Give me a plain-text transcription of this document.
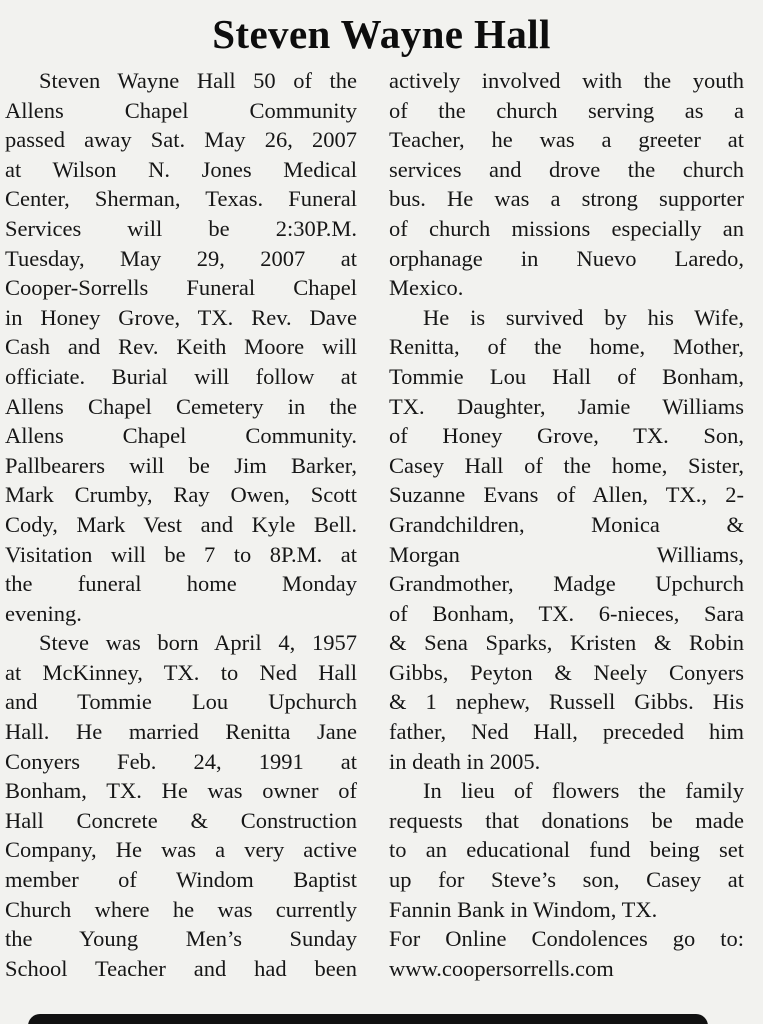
Steven Wayne Hall
Steven Wayne Hall 50 of the
Allens Chapel Community
passed away Sat. May 26, 2007
at Wilson N. Jones Medical
Center, Sherman, Texas. Funeral
Services will be 2:30P.M.
Tuesday, May 29, 2007 at
Cooper-Sorrells Funeral Chapel
in Honey Grove, TX. Rev. Dave
Cash and Rev. Keith Moore will
officiate. Burial will follow at
Allens Chapel Cemetery in the
Allens Chapel Community.
Pallbearers will be Jim Barker,
Mark Crumby, Ray Owen, Scott
Cody, Mark Vest and Kyle Bell.
Visitation will be 7 to 8P.M. at
the funeral home Monday
evening.
Steve was born April 4, 1957
at McKinney, TX. to Ned Hall
and Tommie Lou Upchurch
Hall. He married Renitta Jane
Conyers Feb. 24, 1991 at
Bonham, TX. He was owner of
Hall Concrete & Construction
Company, He was a very active
member of Windom Baptist
Church where he was currently
the Young Men’s Sunday
School Teacher and had been
actively involved with the youth
of the church serving as a
Teacher, he was a greeter at
services and drove the church
bus. He was a strong supporter
of church missions especially an
orphanage in Nuevo Laredo,
Mexico.
He is survived by his Wife,
Renitta, of the home, Mother,
Tommie Lou Hall of Bonham,
TX. Daughter, Jamie Williams
of Honey Grove, TX. Son,
Casey Hall of the home, Sister,
Suzanne Evans of Allen, TX., 2-
Grandchildren, Monica &
Morgan Williams,
Grandmother, Madge Upchurch
of Bonham, TX. 6-nieces, Sara
& Sena Sparks, Kristen & Robin
Gibbs, Peyton & Neely Conyers
& 1 nephew, Russell Gibbs. His
father, Ned Hall, preceded him
in death in 2005.
In lieu of flowers the family
requests that donations be made
to an educational fund being set
up for Steve’s son, Casey at
Fannin Bank in Windom, TX.
For Online Condolences go to:
www.coopersorrells.com
